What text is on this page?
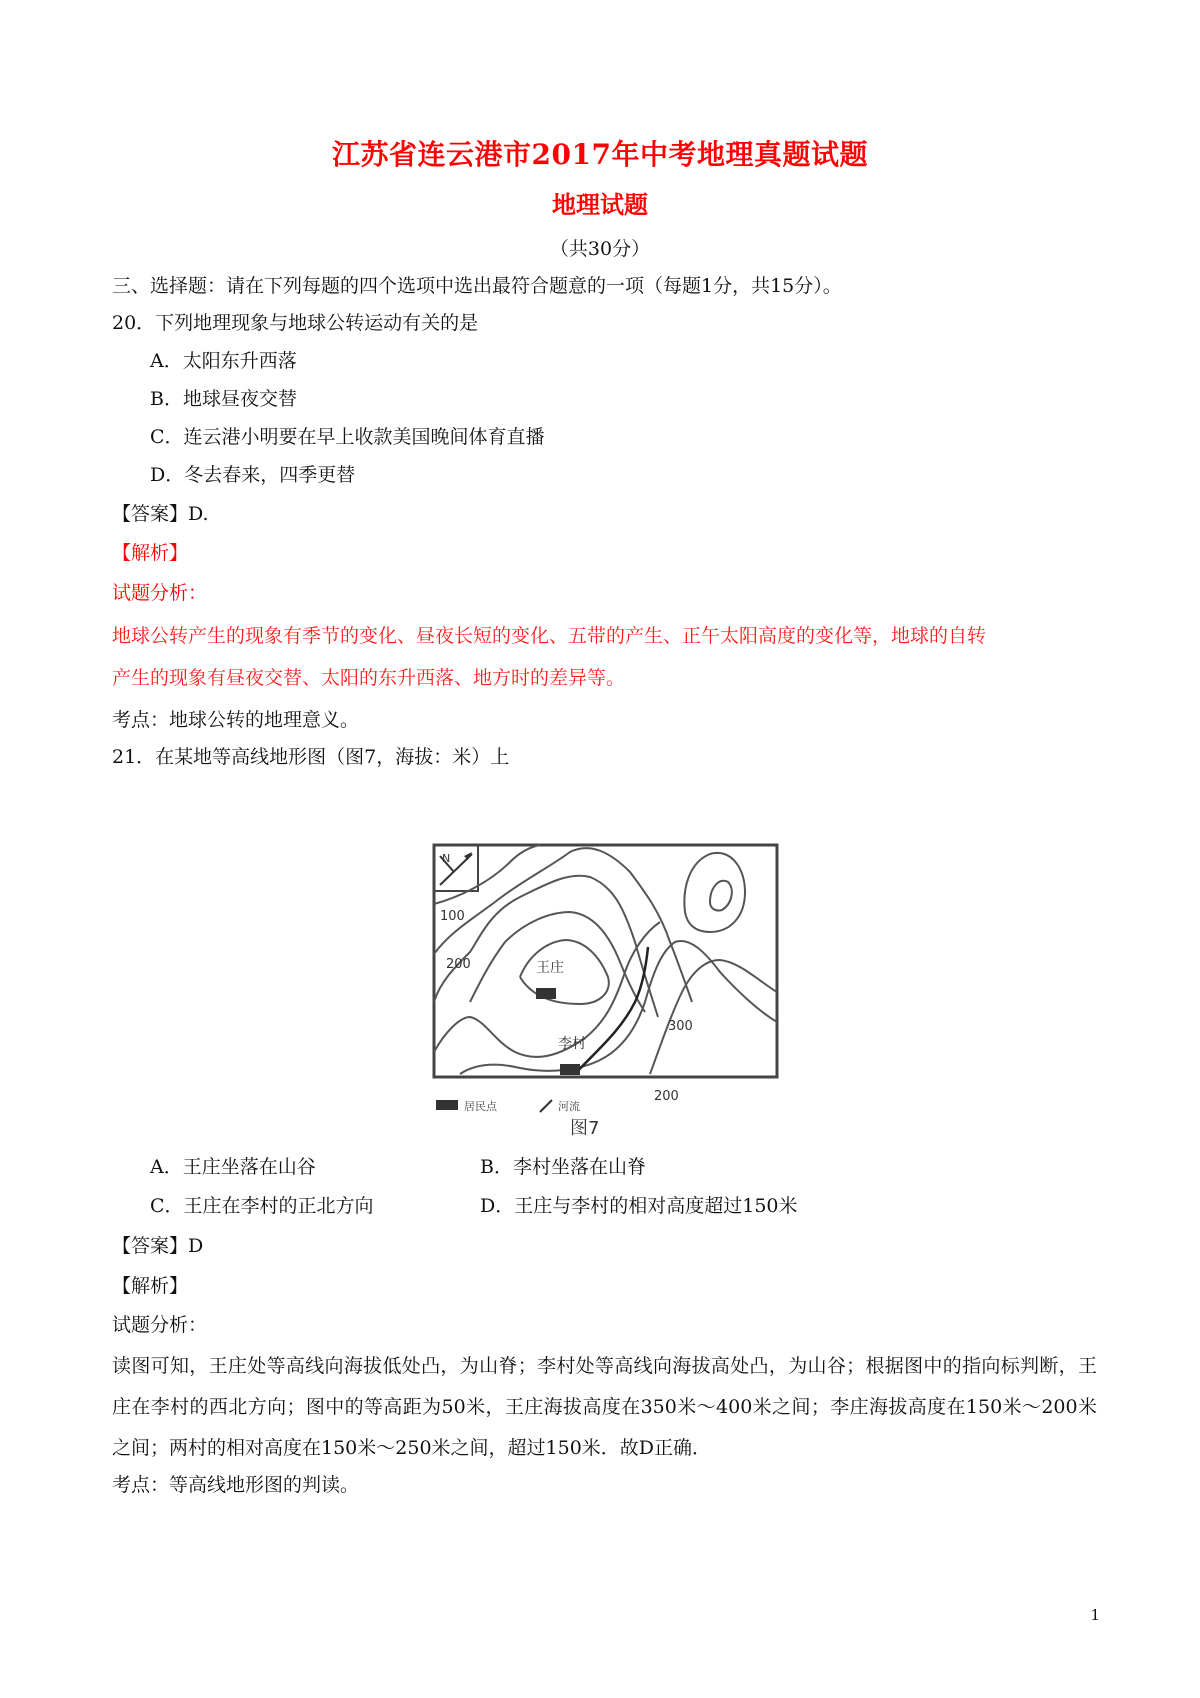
江苏省连云港市2017年中考地理真题试题
地理试题
（共30分）
三、选择题：请在下列每题的四个选项中选出最符合题意的一项（每题1分，共15分）。
20．下列地理现象与地球公转运动有关的是
A．太阳东升西落
B．地球昼夜交替
C．连云港小明要在早上收款美国晚间体育直播
D．冬去春来，四季更替
【答案】D.
【解析】
试题分析：
地球公转产生的现象有季节的变化、昼夜长短的变化、五带的产生、正午太阳高度的变化等，地球的自转
产生的现象有昼夜交替、太阳的东升西落、地方时的差异等。
考点：地球公转的地理意义。
21．在某地等高线地形图（图7，海拔：米）上
N
100
200
300
200
王庄
李村
居民点	河流
图7
A．王庄坐落在山谷	B．李村坐落在山脊
C．王庄在李村的正北方向	D．王庄与李村的相对高度超过150米
【答案】D
【解析】
试题分析：
读图可知，王庄处等高线向海拔低处凸，为山脊；李村处等高线向海拔高处凸，为山谷；根据图中的指向标判断，王庄在李村的西北方向；图中的等高距为50米，王庄海拔高度在350米～400米之间；李庄海拔高度在150米～200米之间；两村的相对高度在150米～250米之间，超过150米．故D正确．
考点：等高线地形图的判读。
1
